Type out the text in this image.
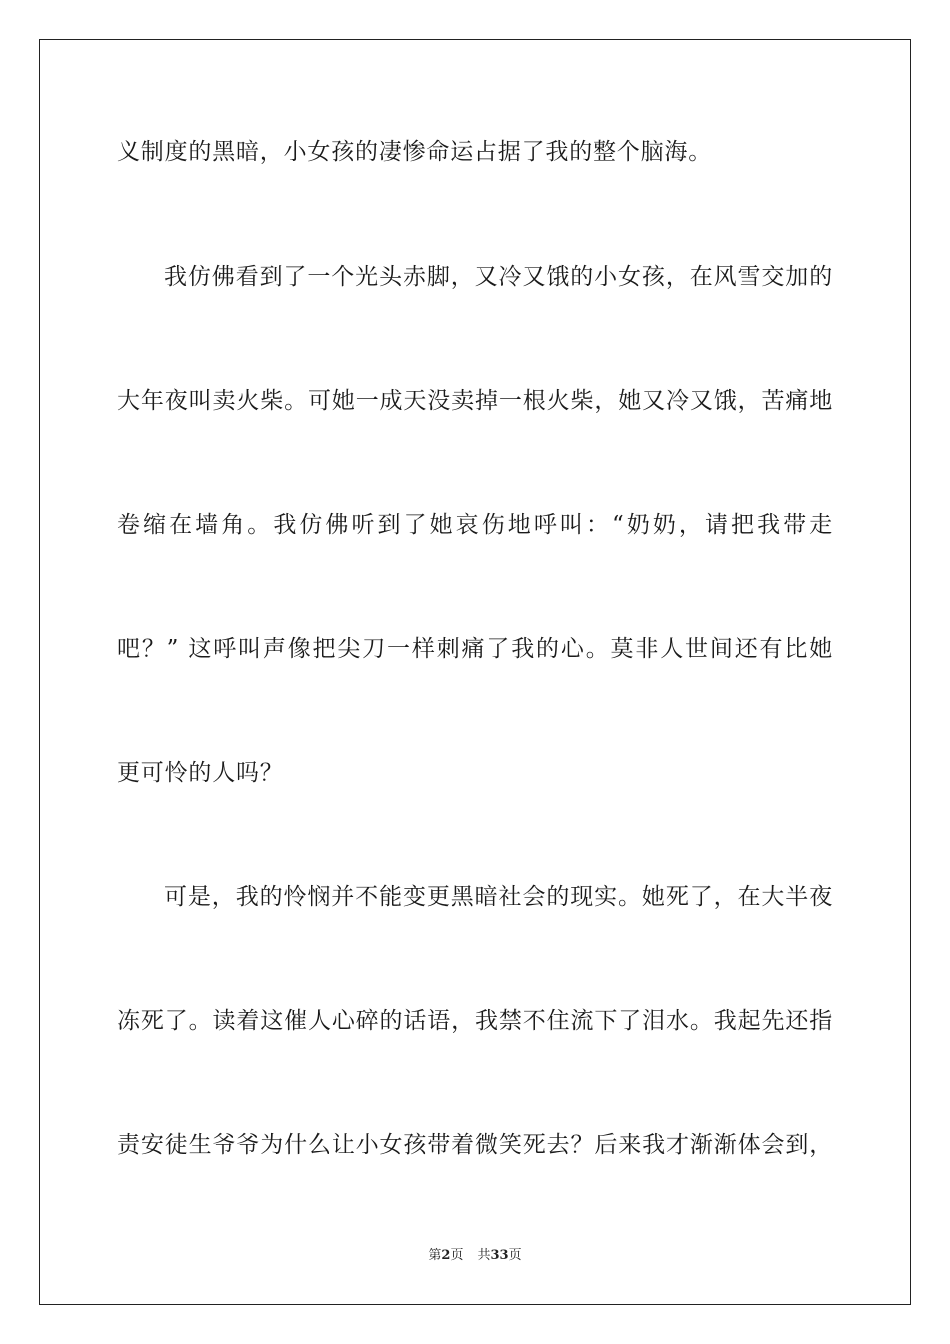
义制度的黑暗，小女孩的凄惨命运占据了我的整个脑海。
我仿佛看到了一个光头赤脚，又冷又饿的小女孩，在风雪交加的
大年夜叫卖火柴。可她一成天没卖掉一根火柴，她又冷又饿，苦痛地
卷缩在墙角。我仿佛听到了她哀伤地呼叫：“奶奶，请把我带走
吧？” 这呼叫声像把尖刀一样刺痛了我的心。莫非人世间还有比她
更可怜的人吗？
可是，我的怜悯并不能变更黑暗社会的现实。她死了，在大半夜
冻死了。读着这催人心碎的话语，我禁不住流下了泪水。我起先还指
责安徒生爷爷为什么让小女孩带着微笑死去？后来我才渐渐体会到，
第2页 共33页
